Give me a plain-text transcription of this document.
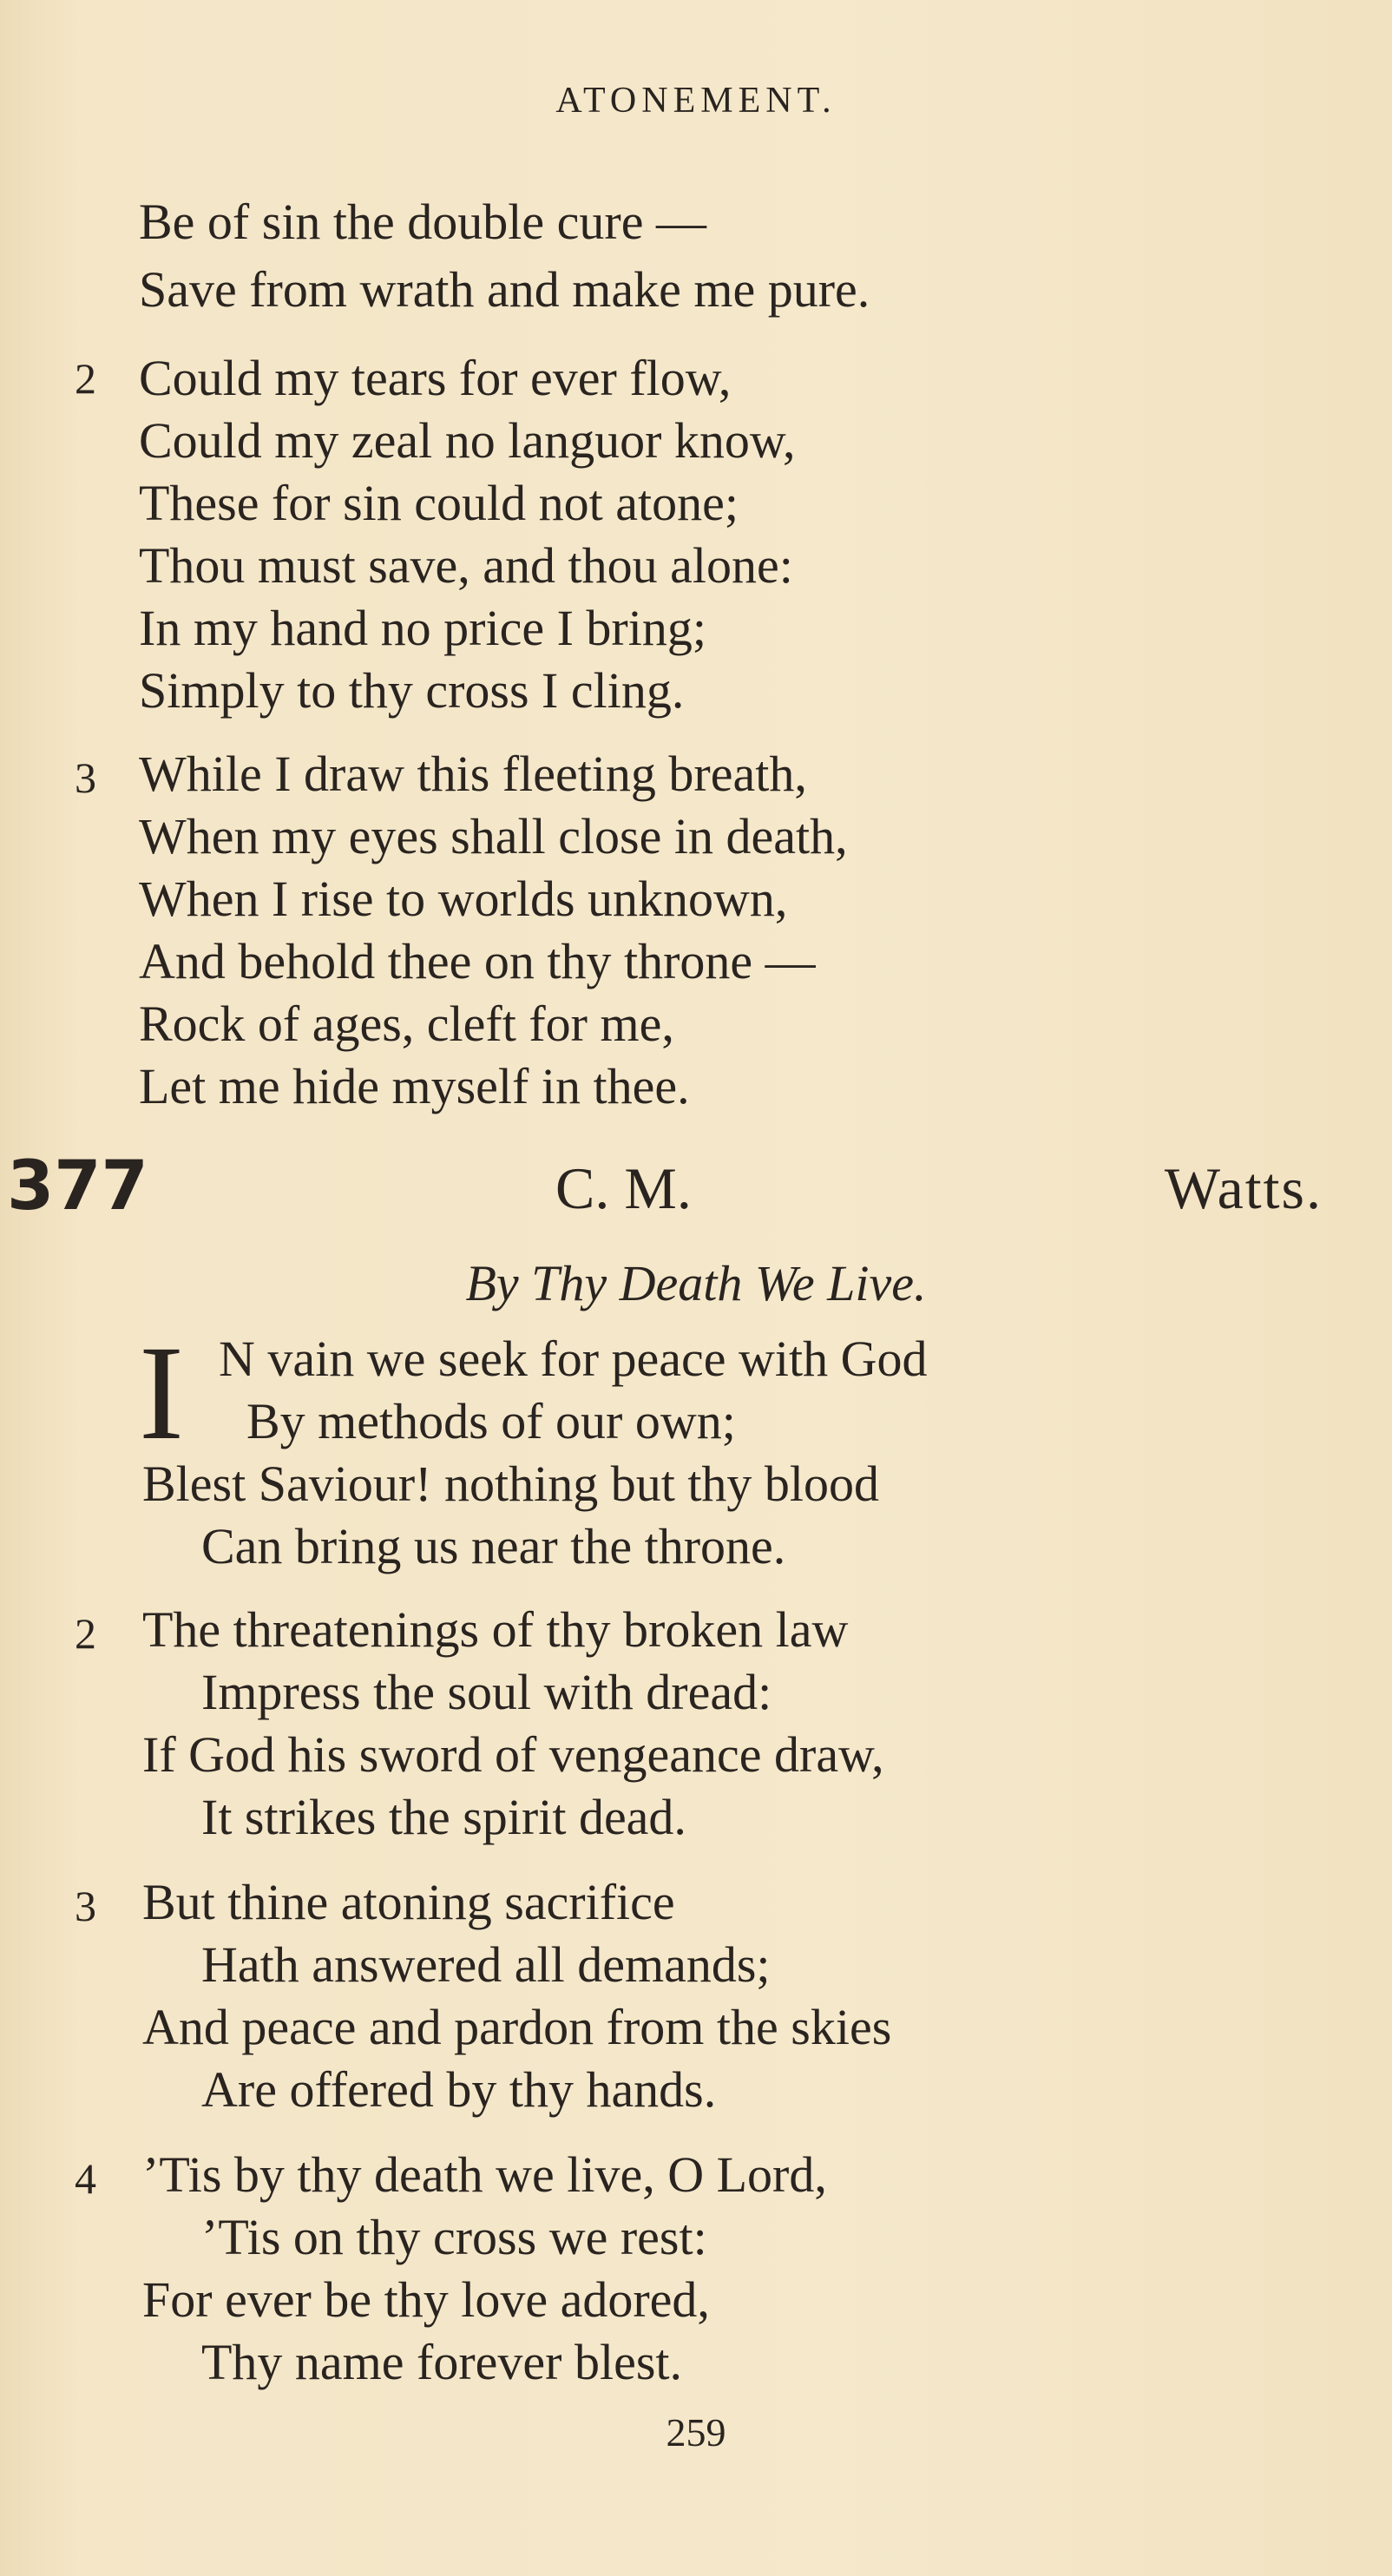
ATONEMENT.
Be of sin the double cure —
Save from wrath and make me pure.
2 Could my tears for ever flow,
Could my zeal no languor know,
These for sin could not atone;
Thou must save, and thou alone:
In my hand no price I bring;
Simply to thy cross I cling.
3 While I draw this fleeting breath,
When my eyes shall close in death,
When I rise to worlds unknown,
And behold thee on thy throne —
Rock of ages, cleft for me,
Let me hide myself in thee.
377	C. M.	Watts.
By Thy Death We Live.
I N vain we seek for peace with God
By methods of our own;
Blest Saviour! nothing but thy blood
Can bring us near the throne.
2 The threatenings of thy broken law
Impress the soul with dread:
If God his sword of vengeance draw,
It strikes the spirit dead.
3 But thine atoning sacrifice
Hath answered all demands;
And peace and pardon from the skies
Are offered by thy hands.
4 ’Tis by thy death we live, O Lord,
’Tis on thy cross we rest:
For ever be thy love adored,
Thy name forever blest.
259
